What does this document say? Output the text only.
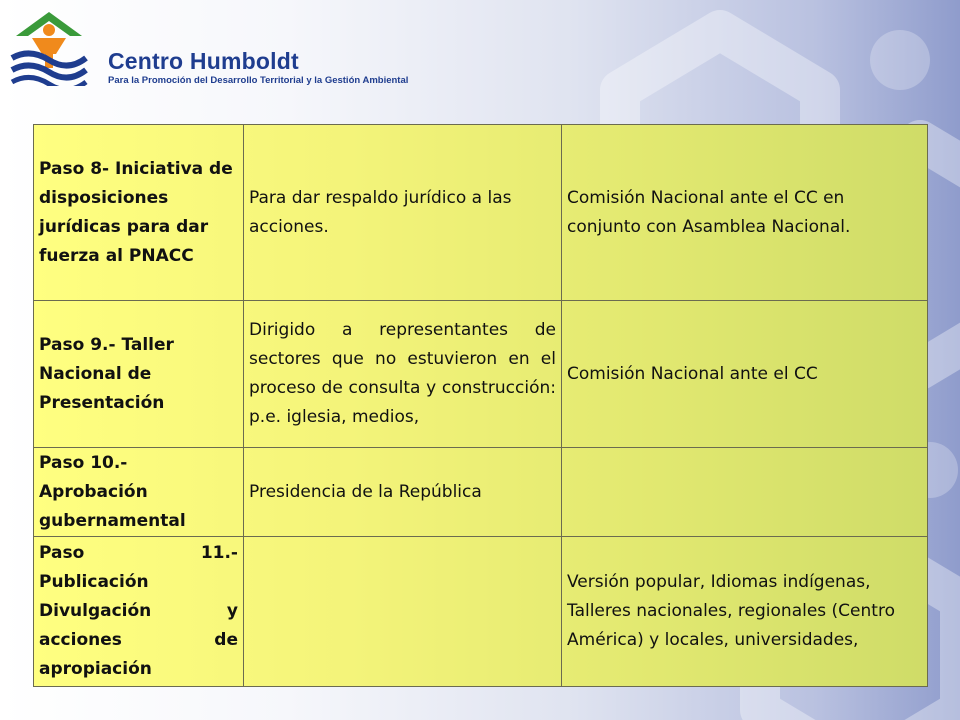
Centro Humboldt
Para la Promoción del Desarrollo Territorial y la Gestión Ambiental
Paso 8- Iniciativa de disposiciones jurídicas para dar fuerza al PNACC	Para dar respaldo jurídico a las acciones.	Comisión Nacional ante el CC en conjunto con Asamblea Nacional.
Paso 9.- Taller Nacional de Presentación	Dirigido a representantes de sectores que no estuvieron en el proceso de consulta y construcción: p.e. iglesia, medios,	Comisión Nacional ante el CC
Paso 10.- Aprobación gubernamental	Presidencia de la República	
Paso 11.- Publicación Divulgación y acciones de apropiación		Versión popular, Idiomas indígenas, Talleres nacionales, regionales (Centro América) y locales, universidades,
